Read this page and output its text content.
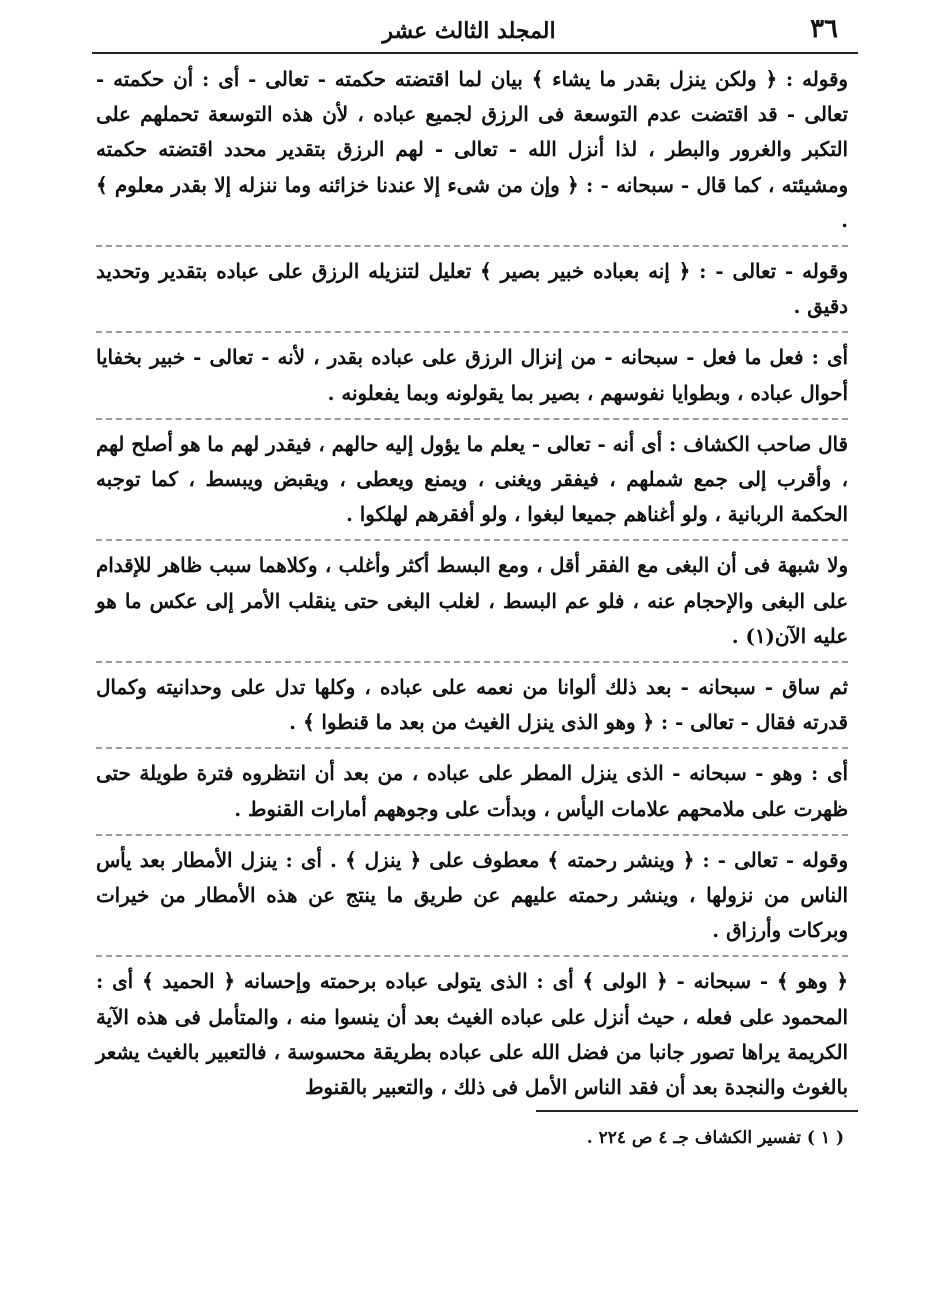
٣٦
المجلد الثالث عشر

وقوله : ﴿ ولكن ينزل بقدر ما يشاء ﴾ بيان لما اقتضته حكمته - تعالى - أى : أن حكمته - تعالى - قد اقتضت عدم التوسعة فى الرزق لجميع عباده ، لأن هذه التوسعة تحملهم على التكبر والغرور والبطر ، لذا أنزل الله - تعالى - لهم الرزق بتقدير محدد اقتضته حكمته ومشيئته ، كما قال - سبحانه - : ﴿ وإن من شىء إلا عندنا خزائنه وما ننزله إلا بقدر معلوم ﴾ .

وقوله - تعالى - : ﴿ إنه بعباده خبير بصير ﴾ تعليل لتنزيله الرزق على عباده بتقدير وتحديد دقيق .

أى : فعل ما فعل - سبحانه - من إنزال الرزق على عباده بقدر ، لأنه - تعالى - خبير بخفايا أحوال عباده ، وبطوايا نفوسهم ، بصير بما يقولونه وبما يفعلونه .

قال صاحب الكشاف : أى أنه - تعالى - يعلم ما يؤول إليه حالهم ، فيقدر لهم ما هو أصلح لهم ، وأقرب إلى جمع شملهم ، فيفقر ويغنى ، ويمنع ويعطى ، ويقبض ويبسط ، كما توجبه الحكمة الربانية ، ولو أغناهم جميعا لبغوا ، ولو أفقرهم لهلكوا .

ولا شبهة فى أن البغى مع الفقر أقل ، ومع البسط أكثر وأغلب ، وكلاهما سبب ظاهر للإقدام على البغى والإحجام عنه ، فلو عم البسط ، لغلب البغى حتى ينقلب الأمر إلى عكس ما هو عليه الآن(١) .

ثم ساق - سبحانه - بعد ذلك ألوانا من نعمه على عباده ، وكلها تدل على وحدانيته وكمال قدرته فقال - تعالى - : ﴿ وهو الذى ينزل الغيث من بعد ما قنطوا ﴾ .

أى : وهو - سبحانه - الذى ينزل المطر على عباده ، من بعد أن انتظروه فترة طويلة حتى ظهرت على ملامحهم علامات اليأس ، وبدأت على وجوههم أمارات القنوط .

وقوله - تعالى - : ﴿ وينشر رحمته ﴾ معطوف على ﴿ ينزل ﴾ . أى : ينزل الأمطار بعد يأس الناس من نزولها ، وينشر رحمته عليهم عن طريق ما ينتج عن هذه الأمطار من خيرات وبركات وأرزاق .

﴿ وهو ﴾ - سبحانه - ﴿ الولى ﴾ أى : الذى يتولى عباده برحمته وإحسانه ﴿ الحميد ﴾ أى : المحمود على فعله ، حيث أنزل على عباده الغيث بعد أن ينسوا منه ، والمتأمل فى هذه الآية الكريمة يراها تصور جانبا من فضل الله على عباده بطريقة محسوسة ، فالتعبير بالغيث يشعر بالغوث والنجدة بعد أن فقد الناس الأمل فى ذلك ، والتعبير بالقنوط

( ١ ) تفسير الكشاف جـ ٤ ص ٢٢٤ .
